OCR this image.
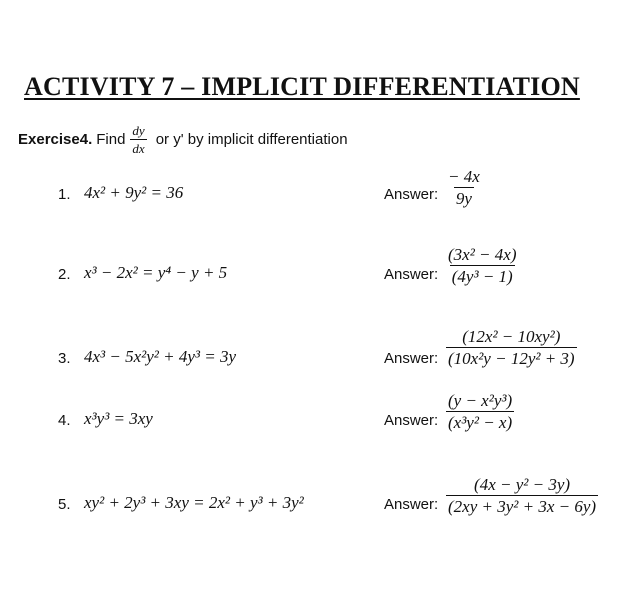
ACTIVITY 7 – IMPLICIT DIFFERENTIATION
Exercise4. Find $\frac{dy}{dx}$ or y' by implicit differentiation
1. 4x² + 9y² = 36	Answer: $\frac{- 4x}{9y}$
2. x³ − 2x² = y⁴ − y + 5	Answer: $\frac{\text{(3x² − 4x)}}{\text{(4y³ − 1)}}$
3. 4x³ − 5x²y² + 4y³ = 3y	Answer: $\frac{\text{(12x² − 10xy²)}}{\text{(10x²y − 12y² + 3)}}$
4. x³y³ = 3xy	Answer: $\frac{\text{(y − x²y³)}}{\text{(x³y² − x)}}$
5. xy² + 2y³ + 3xy = 2x² + y³ + 3y²	Answer: $\frac{\text{(4x − y² − 3y)}}{\text{(2xy + 3y² + 3x − 6y)}}$
